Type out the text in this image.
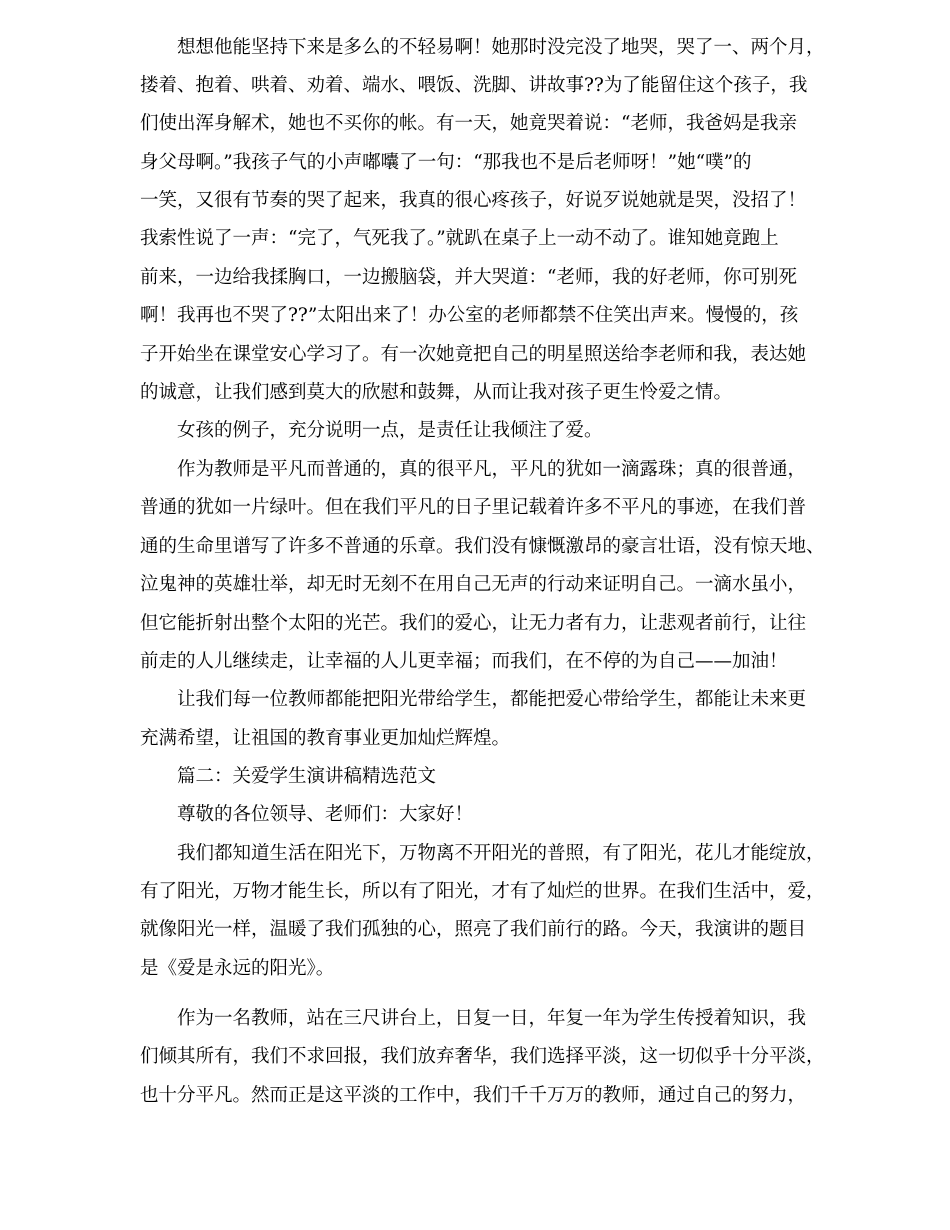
想想他能坚持下来是多么的不轻易啊！她那时没完没了地哭，哭了一、两个月，
搂着、抱着、哄着、劝着、端水、喂饭、洗脚、讲故事??为了能留住这个孩子，我
们使出浑身解术，她也不买你的帐。有一天，她竟哭着说：“老师，我爸妈是我亲
身父母啊。”我孩子气的小声嘟囔了一句：“那我也不是后老师呀！”她“噗”的
一笑，又很有节奏的哭了起来，我真的很心疼孩子，好说歹说她就是哭，没招了！
我索性说了一声：“完了，气死我了。”就趴在桌子上一动不动了。谁知她竟跑上
前来，一边给我揉胸口，一边搬脑袋，并大哭道：“老师，我的好老师，你可别死
啊！我再也不哭了??”太阳出来了！办公室的老师都禁不住笑出声来。慢慢的，孩
子开始坐在课堂安心学习了。有一次她竟把自己的明星照送给李老师和我，表达她
的诚意，让我们感到莫大的欣慰和鼓舞，从而让我对孩子更生怜爱之情。
女孩的例子，充分说明一点，是责任让我倾注了爱。
作为教师是平凡而普通的，真的很平凡，平凡的犹如一滴露珠；真的很普通，
普通的犹如一片绿叶。但在我们平凡的日子里记载着许多不平凡的事迹，在我们普
通的生命里谱写了许多不普通的乐章。我们没有慷慨激昂的豪言壮语，没有惊天地、
泣鬼神的英雄壮举，却无时无刻不在用自己无声的行动来证明自己。一滴水虽小，
但它能折射出整个太阳的光芒。我们的爱心，让无力者有力，让悲观者前行，让往
前走的人儿继续走，让幸福的人儿更幸福；而我们，在不停的为自己——加油！
让我们每一位教师都能把阳光带给学生，都能把爱心带给学生，都能让未来更
充满希望，让祖国的教育事业更加灿烂辉煌。
篇二：关爱学生演讲稿精选范文
尊敬的各位领导、老师们：大家好！
我们都知道生活在阳光下，万物离不开阳光的普照，有了阳光，花儿才能绽放，
有了阳光，万物才能生长，所以有了阳光，才有了灿烂的世界。在我们生活中，爱，
就像阳光一样，温暖了我们孤独的心，照亮了我们前行的路。今天，我演讲的题目
是《爱是永远的阳光》。
作为一名教师，站在三尺讲台上，日复一日，年复一年为学生传授着知识，我
们倾其所有，我们不求回报，我们放弃奢华，我们选择平淡，这一切似乎十分平淡，
也十分平凡。然而正是这平淡的工作中，我们千千万万的教师，通过自己的努力，
